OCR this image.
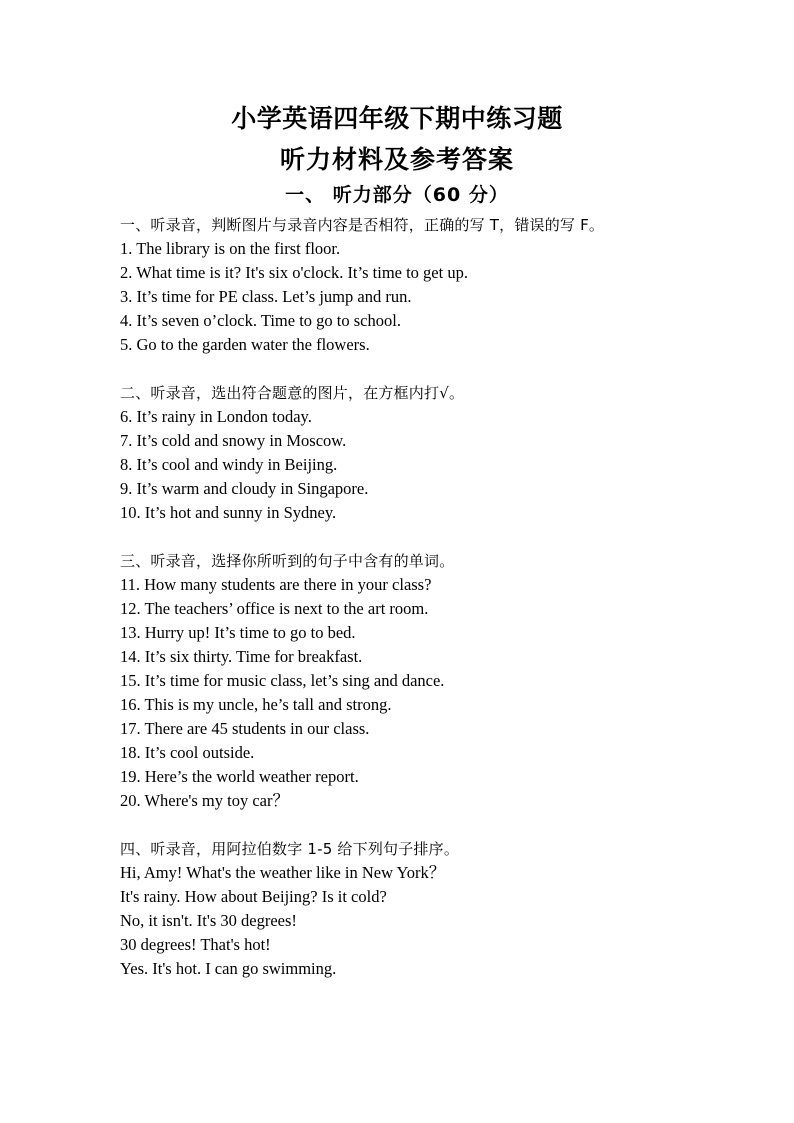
小学英语四年级下期中练习题
听力材料及参考答案
一、 听力部分（60 分）

一、听录音，判断图片与录音内容是否相符，正确的写 T，错误的写 F。

1. The library is on the first floor.

2. What time is it? It's six o'clock. It’s time to get up.

3. It’s time for PE class. Let’s jump and run.

4. It’s seven o’clock. Time to go to school.

5. Go to the garden water the flowers.

二、听录音，选出符合题意的图片，在方框内打√。

6. It’s rainy in London today.

7. It’s cold and snowy in Moscow.

8. It’s cool and windy in Beijing.

9. It’s warm and cloudy in Singapore.

10. It’s hot and sunny in Sydney.

三、听录音，选择你所听到的句子中含有的单词。

11. How many students are there in your class?

12. The teachers’ office is next to the art room.

13. Hurry up! It’s time to go to bed.

14. It’s six thirty. Time for breakfast.

15. It’s time for music class, let’s sing and dance.

16. This is my uncle, he’s tall and strong.

17. There are 45 students in our class.

18. It’s cool outside.

19. Here’s the world weather report.

20. Where's my toy car？

四、听录音，用阿拉伯数字 1-5 给下列句子排序。

Hi, Amy! What's the weather like in New York？

It's rainy. How about Beijing? Is it cold?

No, it isn't. It's 30 degrees!

30 degrees! That's hot!

Yes. It's hot. I can go swimming.
